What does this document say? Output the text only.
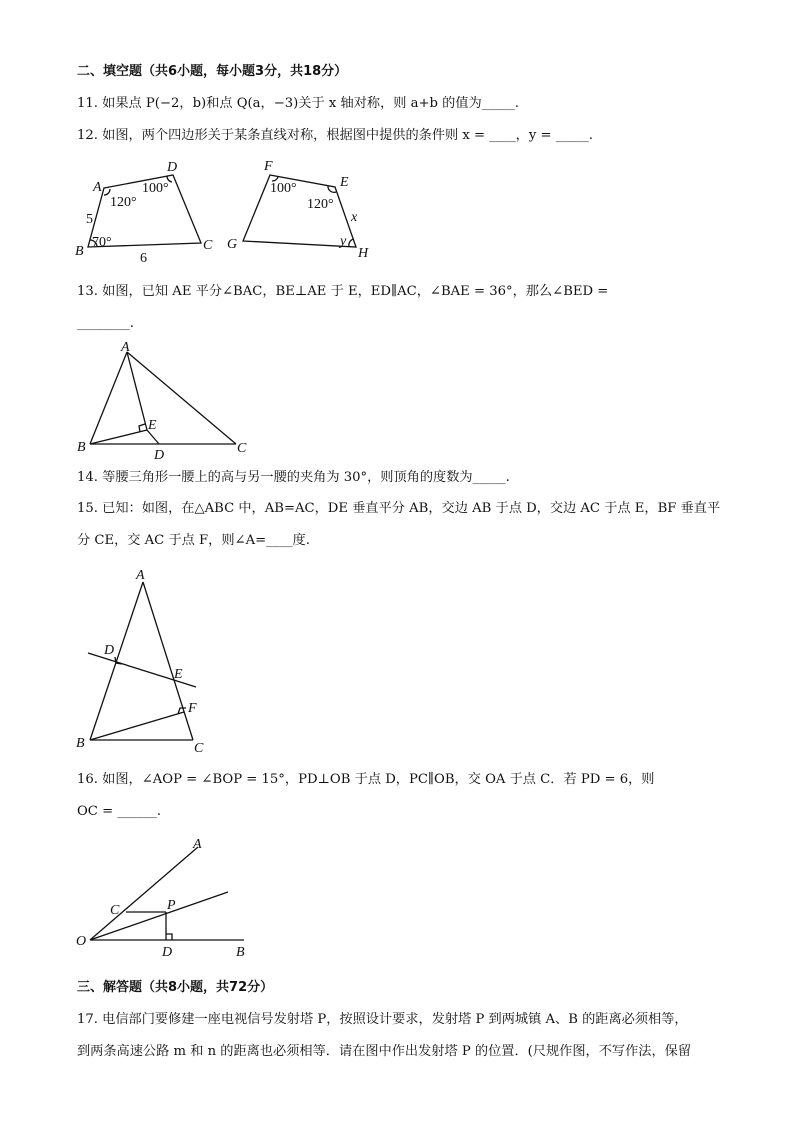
二、填空题（共6小题，每小题3分，共18分）
11. 如果点 P(−2，b)和点 Q(a，−3)关于 x 轴对称，则 a+b 的值为_____.
12. 如图，两个四边形关于某条直线对称，根据图中提供的条件则 x = ____，y = _____.
A
D
B	C
120°
100°
70°
5
6
F
E
G
H
100°
120°
x
y
13. 如图，已知 AE 平分∠BAC，BE⊥AE 于 E，ED∥AC，∠BAE = 36°，那么∠BED =
________.
A
B	C
D
E
14. 等腰三角形一腰上的高与另一腰的夹角为 30°，则顶角的度数为_____.
15. 已知：如图，在△ABC 中，AB=AC，DE 垂直平分 AB，交边 AB 于点 D，交边 AC 于点 E，BF 垂直平
分 CE，交 AC 于点 F，则∠A=____度.
A
B	C
D
E
F
16. 如图，∠AOP = ∠BOP = 15°，PD⊥OB 于点 D，PC∥OB，交 OA 于点 C．若 PD = 6，则
OC = ______.
A
B
C
D
O
P
三、解答题（共8小题，共72分）
17. 电信部门要修建一座电视信号发射塔 P，按照设计要求，发射塔 P 到两城镇 A、B 的距离必须相等，
到两条高速公路 m 和 n 的距离也必须相等．请在图中作出发射塔 P 的位置．(尺规作图，不写作法，保留
